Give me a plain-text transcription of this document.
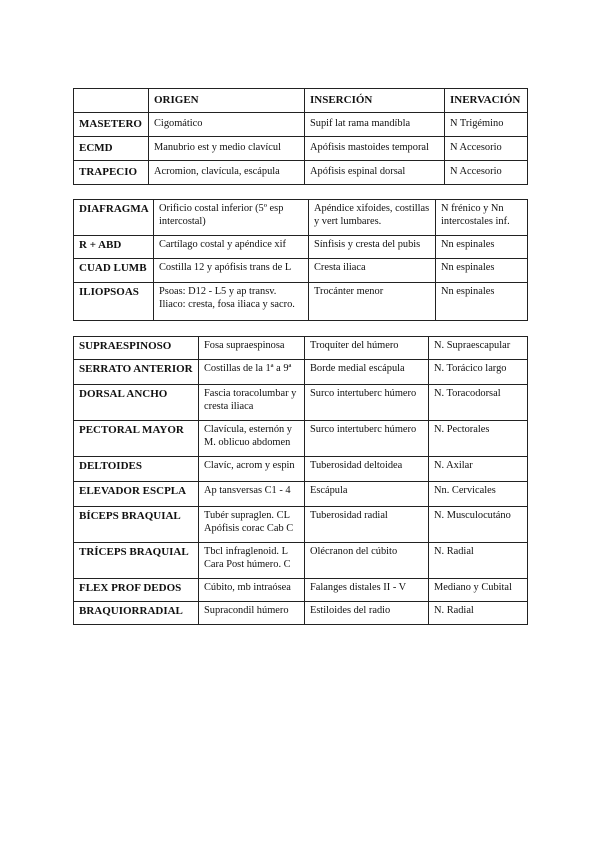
	ORIGEN	INSERCIÓN	INERVACIÓN
MASETERO	Cigomático	Supif lat rama mandíbla	N Trigémino
ECMD	Manubrio est y medio clavícul	Apófisis mastoides temporal	N Accesorio
TRAPECIO	Acromion, clavícula, escápula	Apófisis espinal dorsal	N Accesorio
DIAFRAGMA	Orificio costal inferior (5º esp intercostal)	Apéndice xifoides, costillas y vert lumbares.	N frénico y Nn intercostales inf.
R + ABD	Cartílago costal y apéndice xif	Sínfisis y cresta del pubis	Nn espinales
CUAD LUMB	Costilla 12 y apófisis trans de L	Cresta iliaca	Nn espinales
ILIOPSOAS	Psoas: D12 - L5 y ap transv. Iliaco: cresta, fosa iliaca y sacro.	Trocánter menor	Nn espinales
SUPRAESPINOSO	Fosa supraespinosa	Troquíter del húmero	N. Supraescapular
SERRATO ANTERIOR	Costillas de la 1ª a 9ª	Borde medial escápula	N. Torácico largo
DORSAL ANCHO	Fascia toracolumbar y cresta iliaca	Surco intertuberc húmero	N. Toracodorsal
PECTORAL MAYOR	Clavícula, esternón y M. oblicuo abdomen	Surco intertuberc húmero	N. Pectorales
DELTOIDES	Clavíc, acrom y espin	Tuberosidad deltoidea	N. Axilar
ELEVADOR ESCPLA	Ap tansversas C1 - 4	Escápula	Nn. Cervicales
BÍCEPS BRAQUIAL	Tubér supraglen. CL Apófisis corac Cab C	Tuberosidad radial	N. Musculocutáno
TRÍCEPS BRAQUIAL	Tbcl infraglenoid. L Cara Post húmero. C	Olécranon del cúbito	N. Radial
FLEX PROF DEDOS	Cúbito, mb intraósea	Falanges distales II - V	Mediano y Cubital
BRAQUIORRADIAL	Supracondil húmero	Estiloides del radio	N. Radial
